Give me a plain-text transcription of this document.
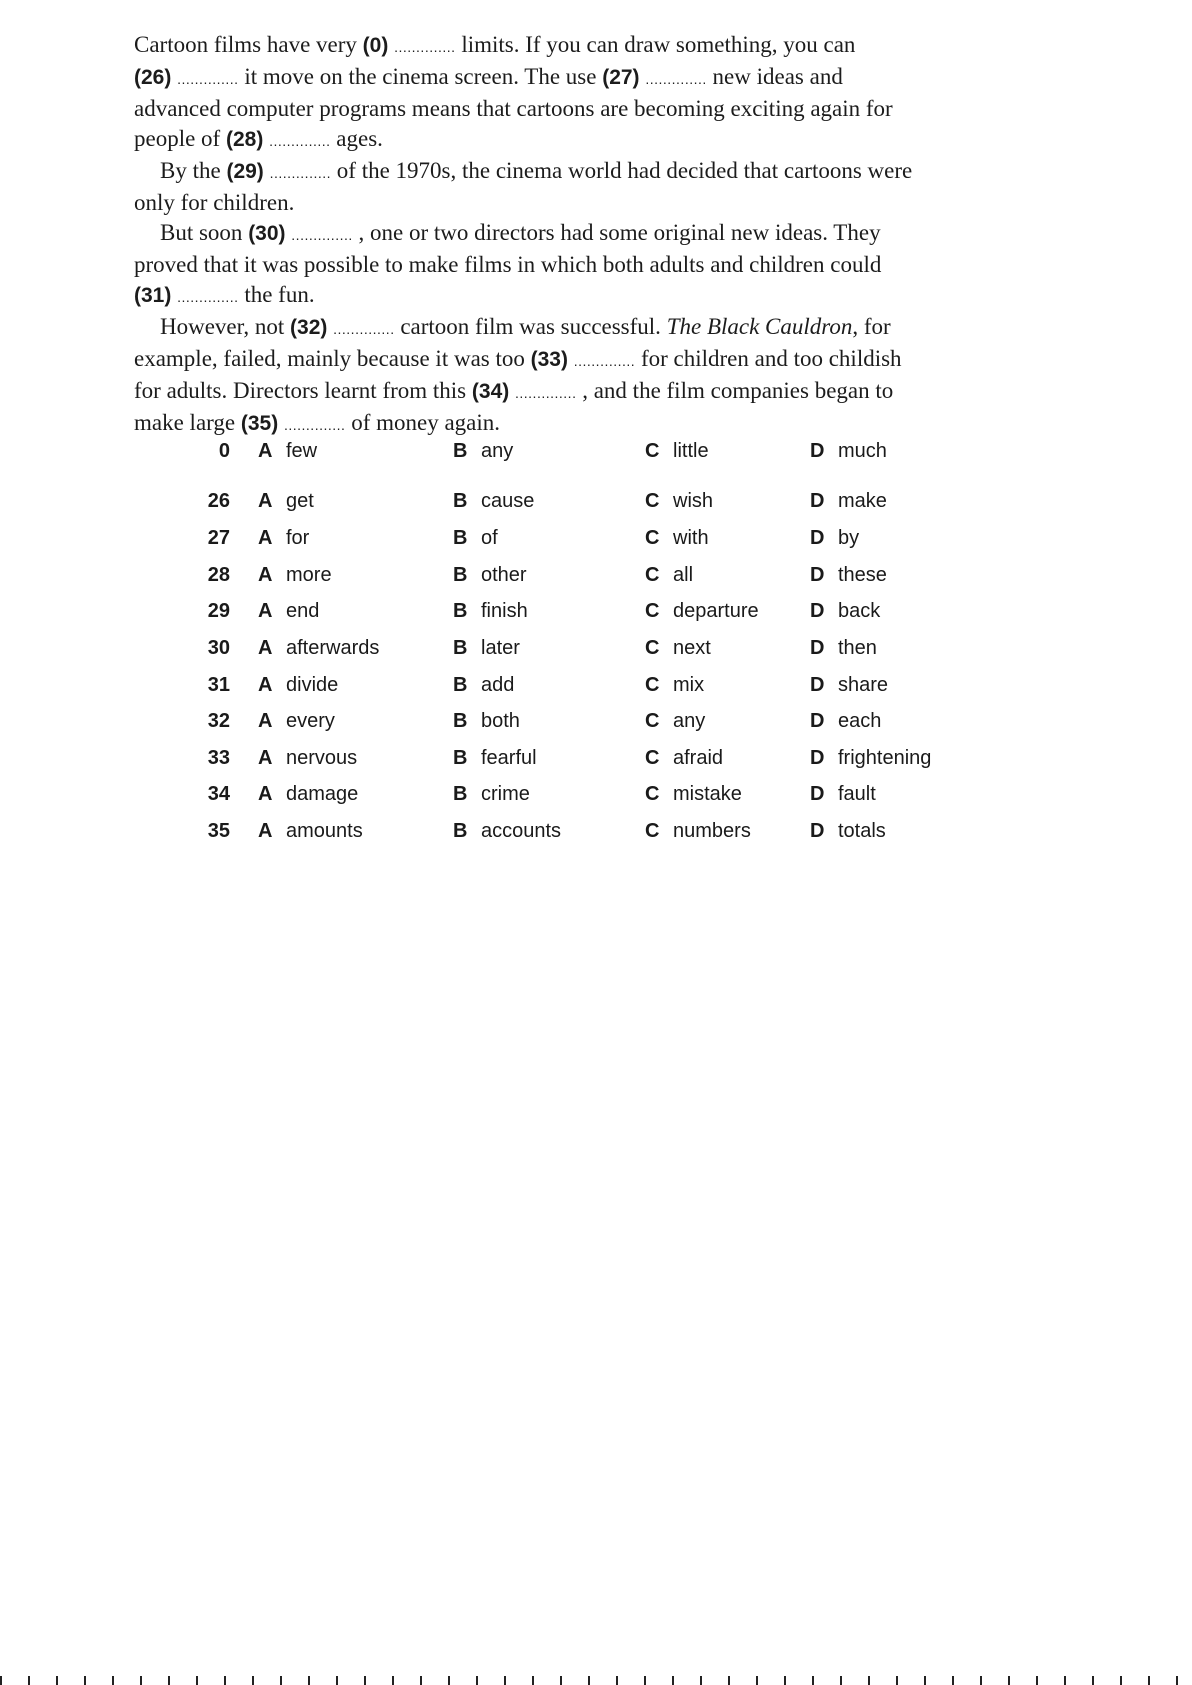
Cartoon films have very (0) .............. limits. If you can draw something, you can
(26) .............. it move on the cinema screen. The use (27) .............. new ideas and
advanced computer programs means that cartoons are becoming exciting again for
people of (28) .............. ages.
By the (29) .............. of the 1970s, the cinema world had decided that cartoons were
only for children.
But soon (30) .............. , one or two directors had some original new ideas. They
proved that it was possible to make films in which both adults and children could
(31) .............. the fun.
However, not (32) .............. cartoon film was successful. The Black Cauldron, for
example, failed, mainly because it was too (33) .............. for children and too childish
for adults. Directors learnt from this (34) .............. , and the film companies began to
make large (35) .............. of money again.
0 A few	B any	C little	D much
26 A get	B cause	C wish	D make
27 A for	B of	C with	D by
28 A more	B other	C all	D these
29 A end	B finish	C departure	D back
30 A afterwards	B later	C next	D then
31 A divide	B add	C mix	D share
32 A every	B both	C any	D each
33 A nervous	B fearful	C afraid	D frightening
34 A damage	B crime	C mistake	D fault
35 A amounts	B accounts	C numbers	D totals
